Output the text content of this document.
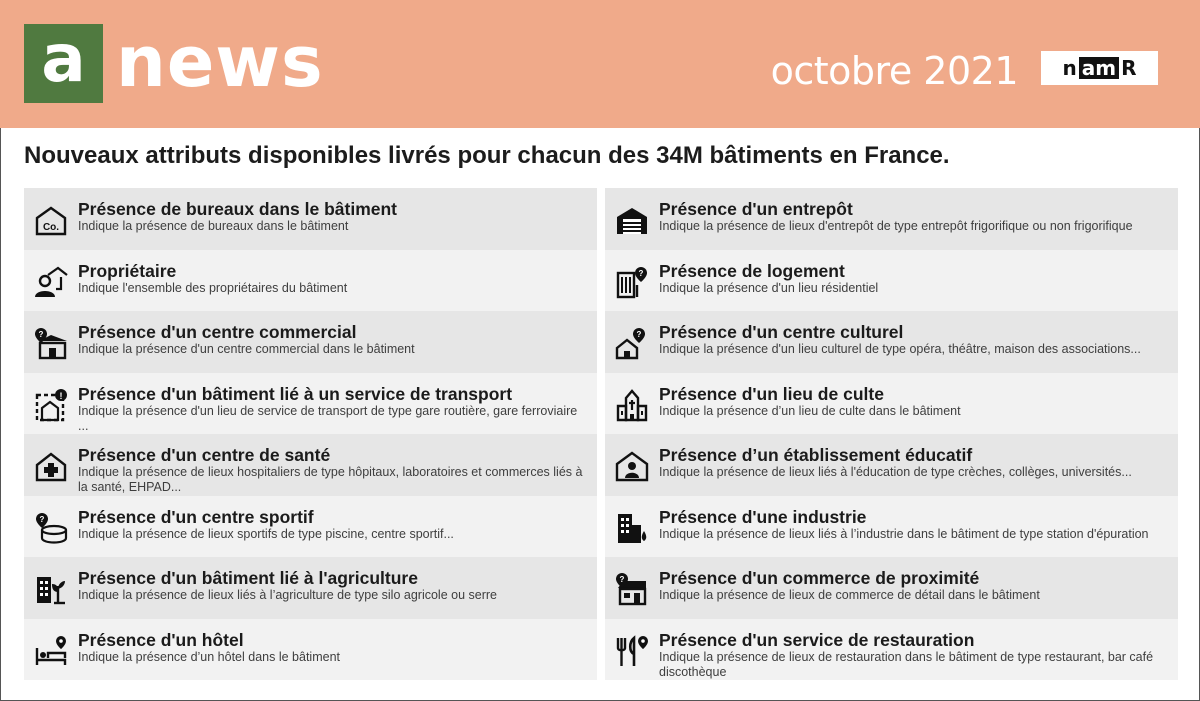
a news	octobre 2021 n am R
Nouveaux attributs disponibles livrés pour chacun des 34M bâtiments en France.
Co.
Présence de bureaux dans le bâtiment
Indique la présence de bureaux dans le bâtiment
Propriétaire
Indique l'ensemble des propriétaires du bâtiment
? Présence d'un centre commercial
Indique la présence d'un centre commercial dans le bâtiment
! Présence d'un bâtiment lié à un service de transport
Indique la présence d'un lieu de service de transport de type gare routière, gare ferroviaire ...
Présence d'un centre de santé
Indique la présence de lieux hospitaliers de type hôpitaux, laboratoires et commerces liés à la santé, EHPAD...
? Présence d'un centre sportif
Indique la présence de lieux sportifs de type piscine, centre sportif...
Présence d'un bâtiment lié à l'agriculture
Indique la présence de lieux liés à l’agriculture de type silo agricole ou serre
Présence d'un hôtel
Indique la présence d’un hôtel dans le bâtiment
Présence d'un entrepôt
Indique la présence de lieux d'entrepôt de type entrepôt frigorifique ou non frigorifique
? Présence de logement
Indique la présence d'un lieu résidentiel
? Présence d'un centre culturel
Indique la présence d'un lieu culturel de type opéra, théâtre, maison des associations...
Présence d'un lieu de culte
Indique la présence d’un lieu de culte dans le bâtiment
Présence d’un établissement éducatif
Indique la présence de lieux liés à l'éducation de type crèches, collèges, universités...
Présence d'une industrie
Indique la présence de lieux liés à l’industrie dans le bâtiment de type station d'épuration
? Présence d'un commerce de proximité
Indique la présence de lieux de commerce de détail dans le bâtiment
Présence d'un service de restauration
Indique la présence de lieux de restauration dans le bâtiment de type restaurant, bar café discothèque
